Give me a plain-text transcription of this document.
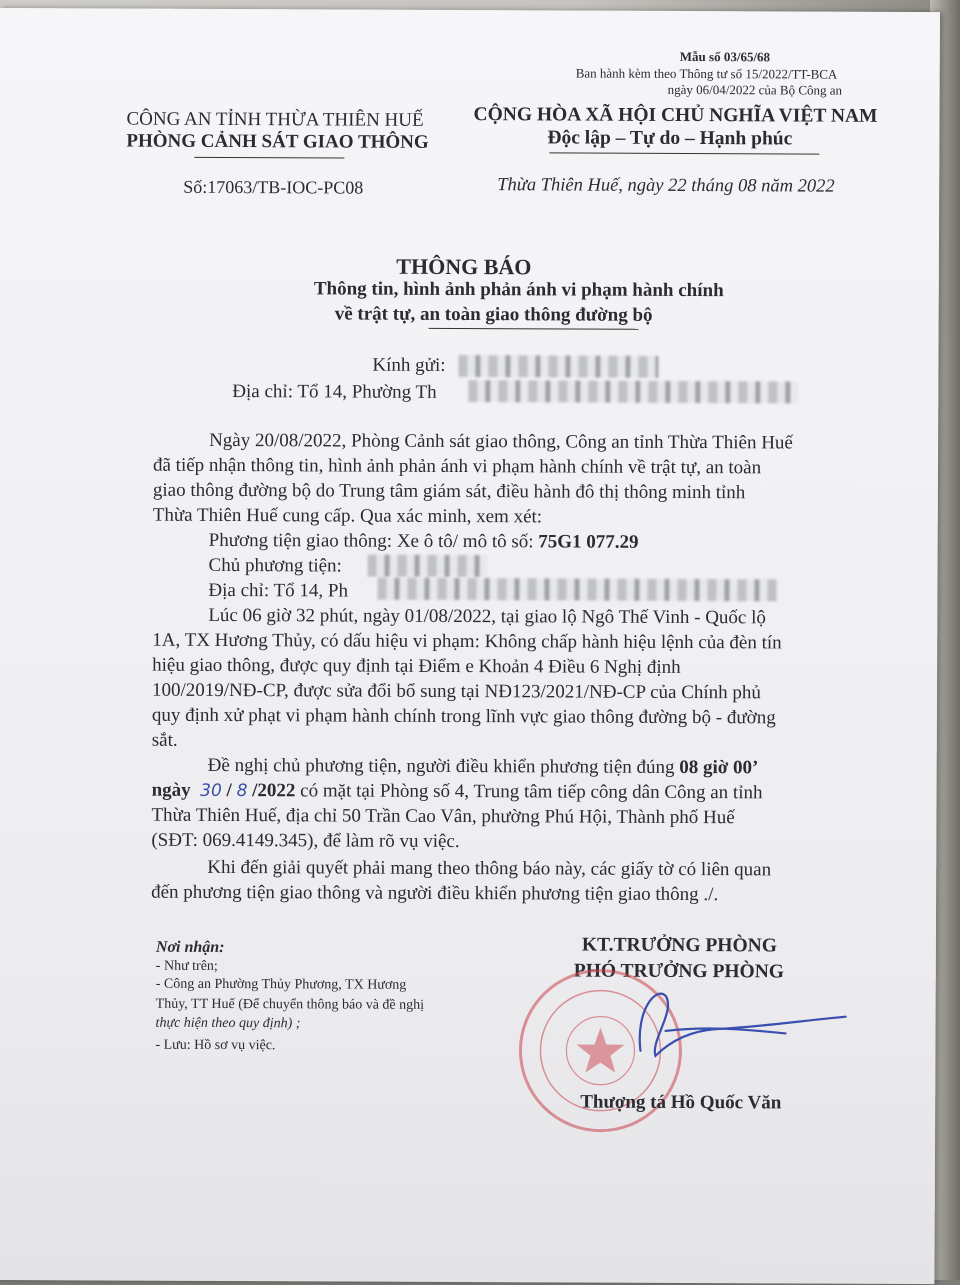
Mẫu số 03/65/68
Ban hành kèm theo Thông tư số 15/2022/TT-BCA
ngày 06/04/2022 của Bộ Công an
CÔNG AN TỈNH THỪA THIÊN HUẾ
PHÒNG CẢNH SÁT GIAO THÔNG
CỘNG HÒA XÃ HỘI CHỦ NGHĨA VIỆT NAM
Độc lập – Tự do – Hạnh phúc
Số:17063/TB-IOC-PC08	Thừa Thiên Huế, ngày 22 tháng 08 năm 2022
THÔNG BÁO
Thông tin, hình ảnh phản ánh vi phạm hành chính
về trật tự, an toàn giao thông đường bộ
Kính gửi:
Địa chỉ: Tổ 14, Phường Th
Ngày 20/08/2022, Phòng Cảnh sát giao thông, Công an tỉnh Thừa Thiên Huế
đã tiếp nhận thông tin, hình ảnh phản ánh vi phạm hành chính về trật tự, an toàn
giao thông đường bộ do Trung tâm giám sát, điều hành đô thị thông minh tỉnh
Thừa Thiên Huế cung cấp. Qua xác minh, xem xét:
Phương tiện giao thông: Xe ô tô/ mô tô số: 75G1 077.29
Chủ phương tiện:
Địa chỉ: Tổ 14, Ph
Lúc 06 giờ 32 phút, ngày 01/08/2022, tại giao lộ Ngô Thế Vinh - Quốc lộ
1A, TX Hương Thủy, có dấu hiệu vi phạm: Không chấp hành hiệu lệnh của đèn tín
hiệu giao thông, được quy định tại Điểm e Khoản 4 Điều 6 Nghị định
100/2019/NĐ-CP, được sửa đổi bổ sung tại NĐ123/2021/NĐ-CP của Chính phủ
quy định xử phạt vi phạm hành chính trong lĩnh vực giao thông đường bộ - đường
sắt.
Đề nghị chủ phương tiện, người điều khiển phương tiện đúng 08 giờ 00’
ngày 30 / 8 /2022 có mặt tại Phòng số 4, Trung tâm tiếp công dân Công an tỉnh
Thừa Thiên Huế, địa chỉ 50 Trần Cao Vân, phường Phú Hội, Thành phố Huế
(SĐT: 069.4149.345), để làm rõ vụ việc.
Khi đến giải quyết phải mang theo thông báo này, các giấy tờ có liên quan
đến phương tiện giao thông và người điều khiển phương tiện giao thông ./.
Nơi nhận:
- Như trên;
- Công an Phường Thủy Phương, TX Hương
Thủy, TT Huế (Để chuyển thông báo và đề nghị
thực hiện theo quy định) ;
- Lưu: Hồ sơ vụ việc.
KT.TRƯỞNG PHÒNG
PHÓ TRƯỞNG PHÒNG
Thượng tá Hồ Quốc Văn
